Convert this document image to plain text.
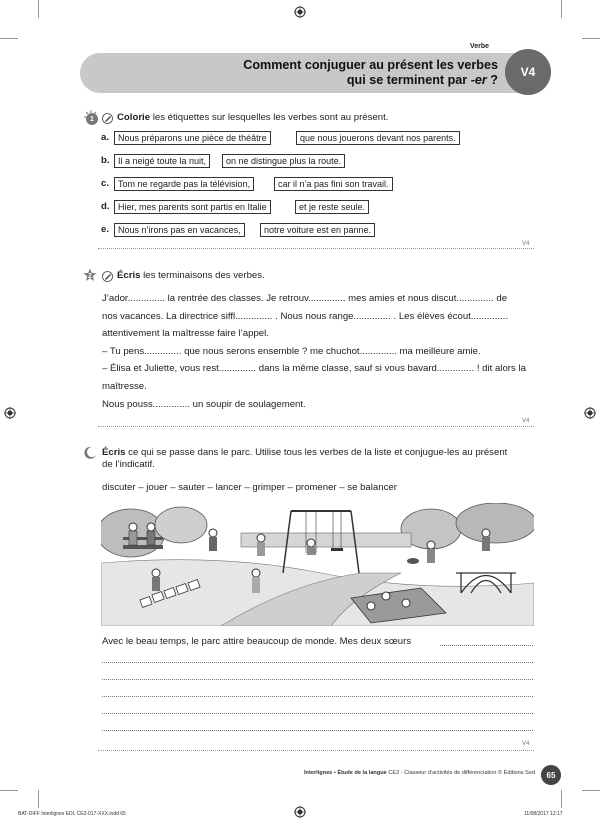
Verbe
Comment conjuguer au présent les verbes
qui se terminent par -er ?
V4
1	Colorie les étiquettes sur lesquelles les verbes sont au présent.
a. Nous préparons une pièce de théâtre	que nous jouerons devant nos parents.
b. Il a neigé toute la nuit,	on ne distingue plus la route.
c. Tom ne regarde pas la télévision,	car il n’a pas fini son travail.
d. Hier, mes parents sont partis en Italie	et je reste seule.
e. Nous n’irons pas en vacances,	notre voiture est en panne.
V4
2	Écris les terminaisons des verbes.

J’ador.............. la rentrée des classes. Je retrouv.............. mes amies et nous discut.............. de

nos vacances. La directrice siffl.............. . Nous nous range.............. . Les élèves écout..............

attentivement la maîtresse faire l’appel.

– Tu pens.............. que nous serons ensemble ? me chuchot.............. ma meilleure amie.

– Élisa et Juliette, vous rest.............. dans la même classe, sauf si vous bavard.............. ! dit alors la

maîtresse.

Nous pouss.............. un soupir de soulagement.

V4
3 Écris ce qui se passe dans le parc. Utilise tous les verbes de la liste et conjugue-les au présent
de l’indicatif.
discuter – jouer – sauter – lancer – grimper – promener – se balancer
Avec le beau temps, le parc attire beaucoup de monde. Mes deux sœurs
V4
Interlignes • Étude de la langue CE2 - Classeur d’activités de différenciation © Éditions Sed	65
BAT-DIFF Interlignes EDL CE2-017-XXX.indd 65	11/08/2017 12:17
